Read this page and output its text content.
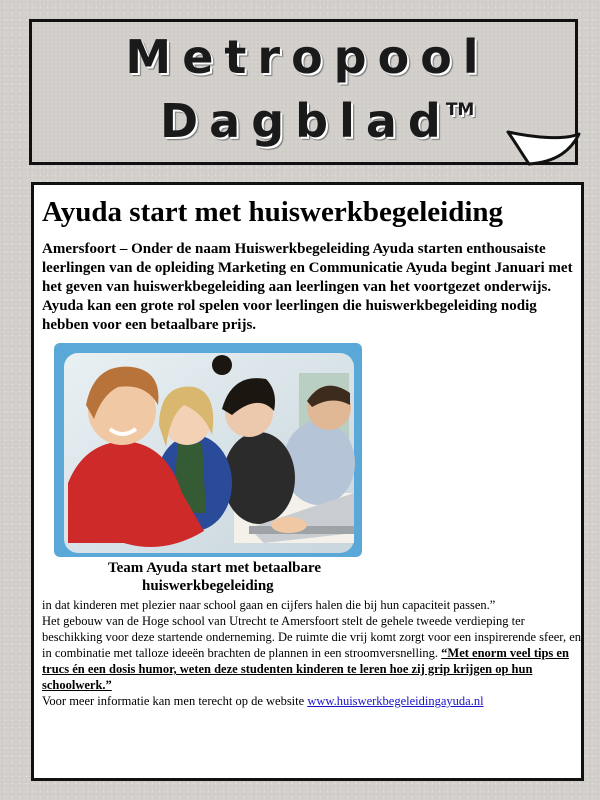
Metropool
Dagblad™
Ayuda start met huiswerkbegeleiding

Amersfoort – Onder de naam Huiswerkbegeleiding Ayuda starten enthousaiste leerlingen van de opleiding Marketing en Communicatie Ayuda begint Januari met het geven van huiswerkbegeleiding aan leerlingen van het voortgezet onderwijs. Ayuda kan een grote rol spelen voor leerlingen die huiswerkbegeleiding nodig hebben voor een betaalbare prijs.

Team Ayuda start met betaalbare
huiswerkbegeleiding

in dat kinderen met plezier naar school gaan en cijfers halen die bij hun capaciteit passen.”

Het gebouw van de Hoge school van Utrecht te Amersfoort stelt de gehele tweede verdieping ter beschikking voor deze startende onderneming. De ruimte die vrij komt zorgt voor een inspirerende sfeer, en in combinatie met talloze ideeën brachten de plannen in een stroomversnelling. “Met enorm veel tips en trucs én een dosis humor, weten deze studenten kinderen te leren hoe zij grip krijgen op hun schoolwerk.”

Voor meer informatie kan men terecht op de website www.huiswerkbegeleidingayuda.nl
